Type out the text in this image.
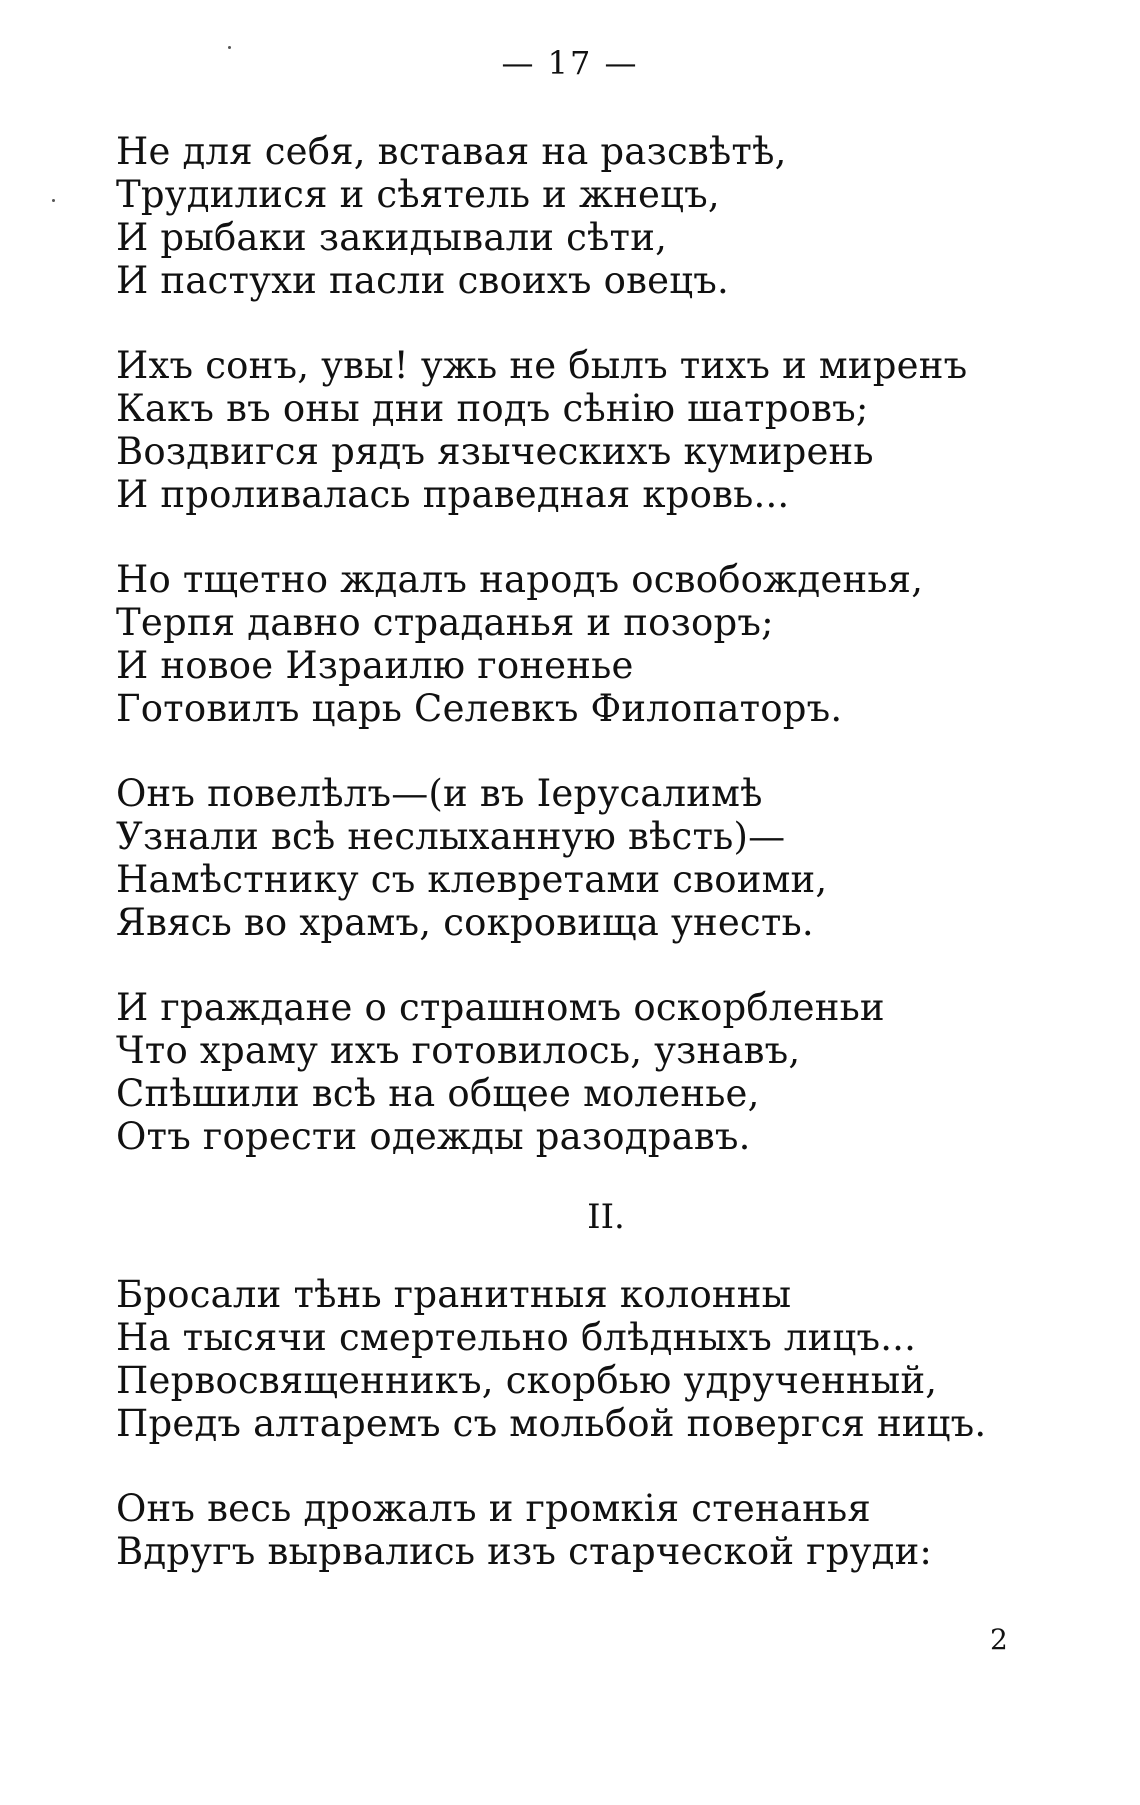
— 17 —
Не для себя, вставая на разсвѣтѣ,
Трудилися и сѣятель и жнецъ,
И рыбаки закидывали сѣти,
И пастухи пасли своихъ овецъ.
Ихъ сонъ, увы! ужь не былъ тихъ и миренъ
Какъ въ оны дни подъ сѣнію шатровъ;
Воздвигся рядъ языческихъ кумирень
И проливалась праведная кровь...
Но тщетно ждалъ народъ освобожденья,
Терпя давно страданья и позоръ;
И новое Израилю гоненье
Готовилъ царь Селевкъ Филопаторъ.
Онъ повелѣлъ—(и въ Іерусалимѣ
Узнали всѣ неслыханную вѣсть)—
Намѣстнику съ клевретами своими,
Явясь во храмъ, сокровища унесть.
И граждане о страшномъ оскорбленьи
Что храму ихъ готовилось, узнавъ,
Спѣшили всѣ на общее моленье,
Отъ горести одежды разодравъ.
II.
Бросали тѣнь гранитныя колонны
На тысячи смертельно блѣдныхъ лицъ...
Первосвященникъ, скорбью удрученный,
Предъ алтаремъ съ мольбой повергся ницъ.
Онъ весь дрожалъ и громкія стенанья
Вдругъ вырвались изъ старческой груди:
2
